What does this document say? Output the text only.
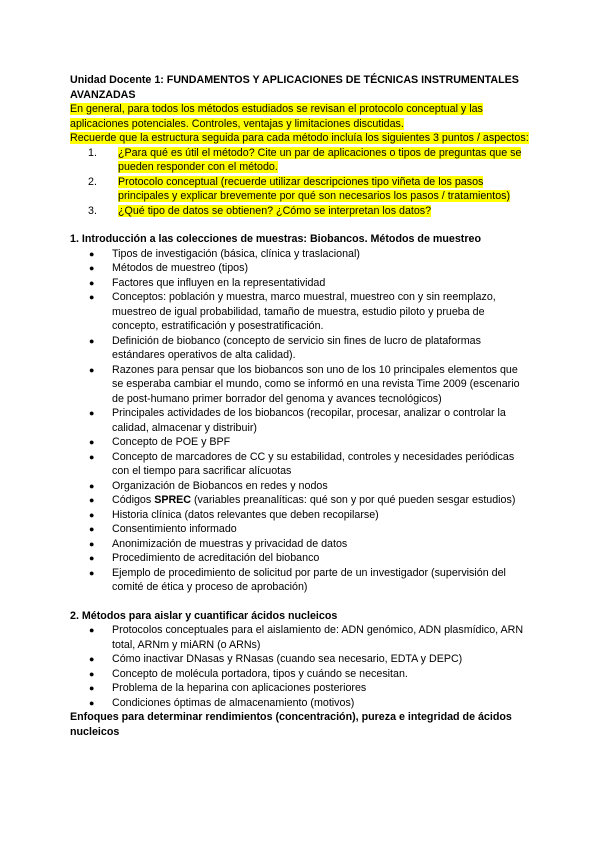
Unidad Docente 1: FUNDAMENTOS Y APLICACIONES DE TÉCNICAS INSTRUMENTALES AVANZADAS

En general, para todos los métodos estudiados se revisan el protocolo conceptual y las aplicaciones potenciales. Controles, ventajas y limitaciones discutidas.

Recuerde que la estructura seguida para cada método incluía los siguientes 3 puntos / aspectos:

1. ¿Para qué es útil el método? Cite un par de aplicaciones o tipos de preguntas que se pueden responder con el método.
2. Protocolo conceptual (recuerde utilizar descripciones tipo viñeta de los pasos principales y explicar brevemente por qué son necesarios los pasos / tratamientos)
3. ¿Qué tipo de datos se obtienen? ¿Cómo se interpretan los datos?

1. Introducción a las colecciones de muestras: Biobancos. Métodos de muestreo

● Tipos de investigación (básica, clínica y traslacional)
● Métodos de muestreo (tipos)
● Factores que influyen en la representatividad
● Conceptos: población y muestra, marco muestral, muestreo con y sin reemplazo, muestreo de igual probabilidad, tamaño de muestra, estudio piloto y prueba de concepto, estratificación y posestratificación.
● Definición de biobanco (concepto de servicio sin fines de lucro de plataformas estándares operativos de alta calidad).
● Razones para pensar que los biobancos son uno de los 10 principales elementos que se esperaba cambiar el mundo, como se informó en una revista Time 2009 (escenario de post-humano primer borrador del genoma y avances tecnológicos)
● Principales actividades de los biobancos (recopilar, procesar, analizar o controlar la calidad, almacenar y distribuir)
● Concepto de POE y BPF
● Concepto de marcadores de CC y su estabilidad, controles y necesidades periódicas con el tiempo para sacrificar alícuotas
● Organización de Biobancos en redes y nodos
● Códigos SPREC (variables preanalíticas: qué son y por qué pueden sesgar estudios)
● Historia clínica (datos relevantes que deben recopilarse)
● Consentimiento informado
● Anonimización de muestras y privacidad de datos
● Procedimiento de acreditación del biobanco
● Ejemplo de procedimiento de solicitud por parte de un investigador (supervisión del comité de ética y proceso de aprobación)

2. Métodos para aislar y cuantificar ácidos nucleicos

● Protocolos conceptuales para el aislamiento de: ADN genómico, ADN plasmídico, ARN total, ARNm y miARN (o ARNs)
● Cómo inactivar DNasas y RNasas (cuando sea necesario, EDTA y DEPC)
● Concepto de molécula portadora, tipos y cuándo se necesitan.
● Problema de la heparina con aplicaciones posteriores
● Condiciones óptimas de almacenamiento (motivos)

Enfoques para determinar rendimientos (concentración), pureza e integridad de ácidos nucleicos
